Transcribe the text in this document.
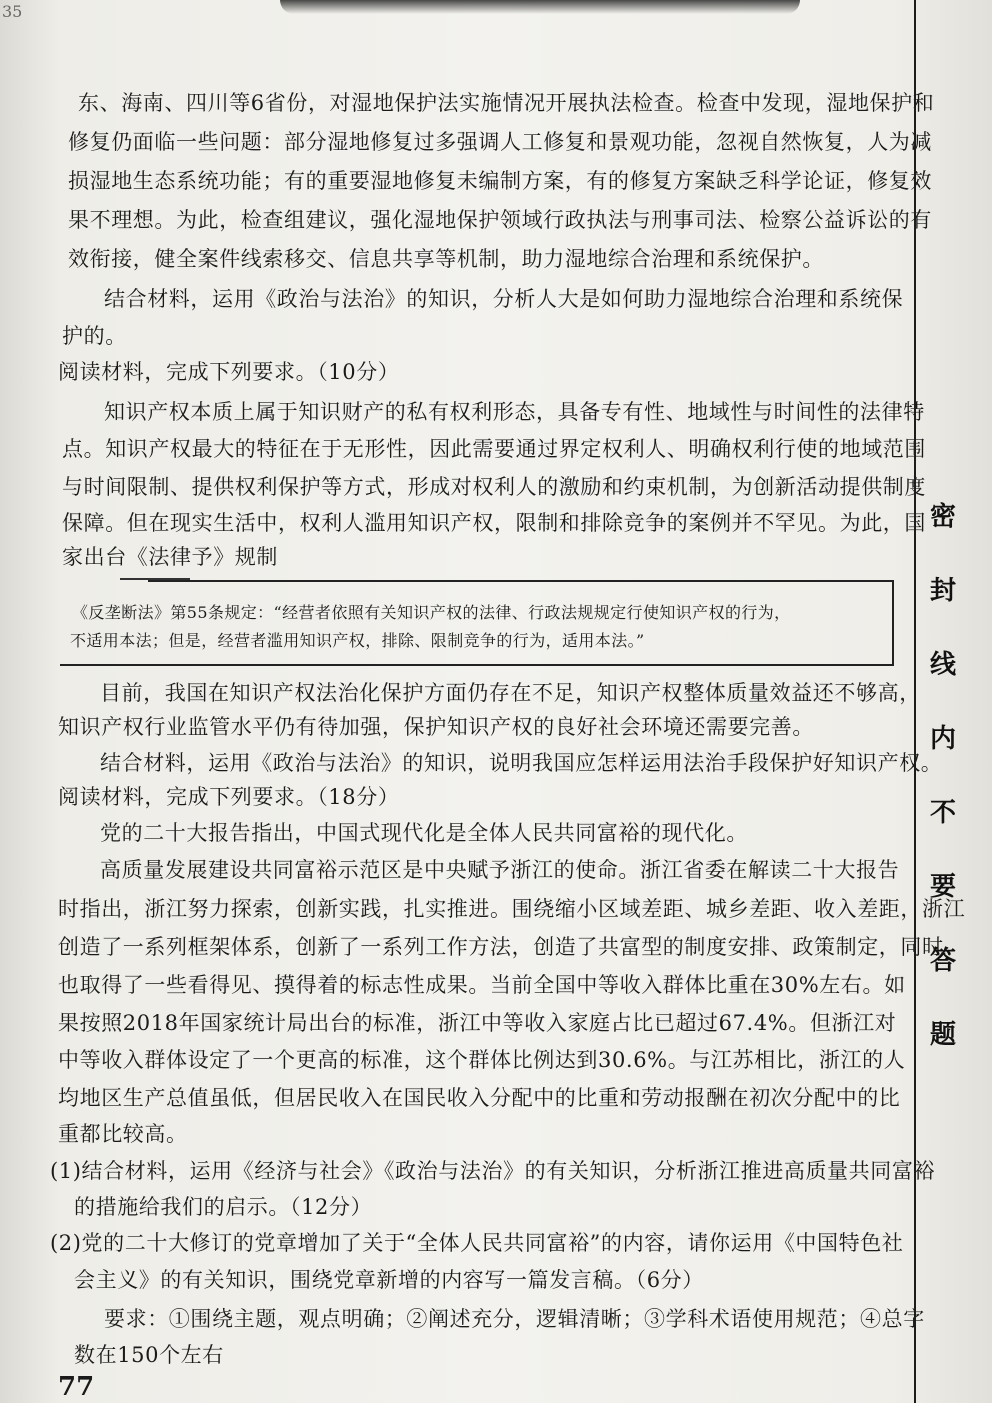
35
东、海南、四川等6省份，对湿地保护法实施情况开展执法检查。检查中发现，湿地保护和
修复仍面临一些问题：部分湿地修复过多强调人工修复和景观功能，忽视自然恢复，人为减
损湿地生态系统功能；有的重要湿地修复未编制方案，有的修复方案缺乏科学论证，修复效
果不理想。为此，检查组建议，强化湿地保护领域行政执法与刑事司法、检察公益诉讼的有
效衔接，健全案件线索移交、信息共享等机制，助力湿地综合治理和系统保护。
结合材料，运用《政治与法治》的知识，分析人大是如何助力湿地综合治理和系统保
护的。
阅读材料，完成下列要求。（10分）
知识产权本质上属于知识财产的私有权利形态，具备专有性、地域性与时间性的法律特
点。知识产权最大的特征在于无形性，因此需要通过界定权利人、明确权利行使的地域范围
与时间限制、提供权利保护等方式，形成对权利人的激励和约束机制，为创新活动提供制度
保障。但在现实生活中，权利人滥用知识产权，限制和排除竞争的案例并不罕见。为此，国
家出台《法律予》规制
《反垄断法》第55条规定：“经营者依照有关知识产权的法律、行政法规规定行使知识产权的行为，
不适用本法；但是，经营者滥用知识产权，排除、限制竞争的行为，适用本法。”
目前，我国在知识产权法治化保护方面仍存在不足，知识产权整体质量效益还不够高，
知识产权行业监管水平仍有待加强，保护知识产权的良好社会环境还需要完善。
结合材料，运用《政治与法治》的知识，说明我国应怎样运用法治手段保护好知识产权。
阅读材料，完成下列要求。（18分）
党的二十大报告指出，中国式现代化是全体人民共同富裕的现代化。
高质量发展建设共同富裕示范区是中央赋予浙江的使命。浙江省委在解读二十大报告
时指出，浙江努力探索，创新实践，扎实推进。围绕缩小区域差距、城乡差距、收入差距，浙江
创造了一系列框架体系，创新了一系列工作方法，创造了共富型的制度安排、政策制定，同时
也取得了一些看得见、摸得着的标志性成果。当前全国中等收入群体比重在30%左右。如
果按照2018年国家统计局出台的标准，浙江中等收入家庭占比已超过67.4%。但浙江对
中等收入群体设定了一个更高的标准，这个群体比例达到30.6%。与江苏相比，浙江的人
均地区生产总值虽低，但居民收入在国民收入分配中的比重和劳动报酬在初次分配中的比
重都比较高。
(1)结合材料，运用《经济与社会》《政治与法治》的有关知识，分析浙江推进高质量共同富裕
的措施给我们的启示。（12分）
(2)党的二十大修订的党章增加了关于“全体人民共同富裕”的内容，请你运用《中国特色社
会主义》的有关知识，围绕党章新增的内容写一篇发言稿。（6分）
要求：①围绕主题，观点明确；②阐述充分，逻辑清晰；③学科术语使用规范；④总字
数在150个左右
密
封
线
内
不
要
答
题
77
